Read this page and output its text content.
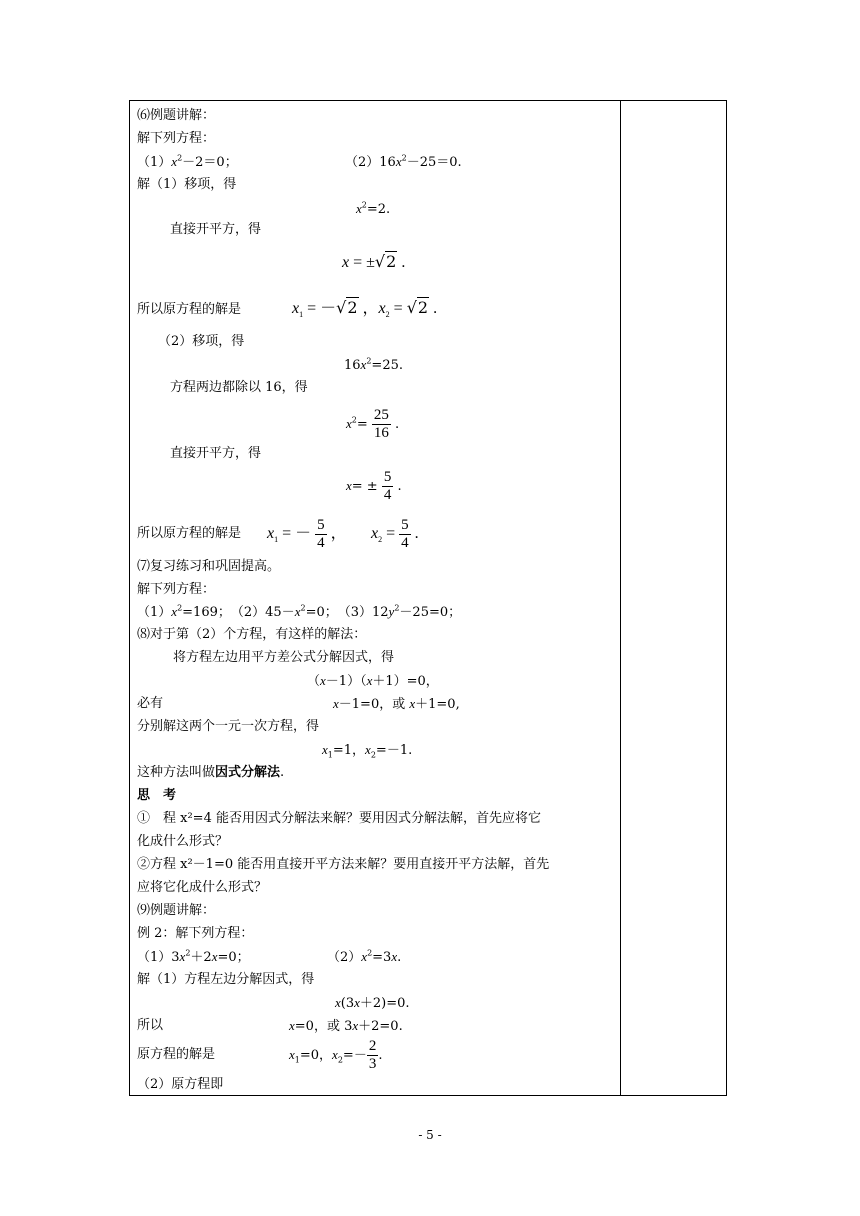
⑹例题讲解：
解下列方程：
$(1)x^2-2=0$；	$(2)16x^2-25=0$.
解（1）移项，得
$x^2=2$.
直接开平方，得
x = ±√2 .
所以原方程的解是	$x_1 = -√2$ ，$x_2 = √2$ .
（2）移项，得
$16x^2=25$.
方程两边都除以 16，得
$x^2= \frac{25}{16}$ .
直接开平方，得
$x= \pm \frac{5}{4}$ .
所以原方程的解是 $x_1$ = － $\frac{5}{4}$ ， $x_2 = \frac{5}{4}$ .
⑺复习练习和巩固提高。
解下列方程：
$(1)x^2=169$；　$(2)45-x^2=0$；　$(3)12y^2-25=0$；
⑻对于第（2）个方程，有这样的解法：
将方程左边用平方差公式分解因式，得
（x－1）（x＋1）=0，
必有	x－1=0，或 x＋1=0,
分别解这两个一元一次方程，得
$x_1=1$，$x_2=-1$.
这种方法叫做因式分解法.
思　考
①　程 x²=4 能否用因式分解法来解？要用因式分解法解，首先应将它
化成什么形式？
②方程 x²－1=0 能否用直接开平方法来解？要用直接开平方法解，首先
应将它化成什么形式？
⑼例题讲解：
例 2：解下列方程：
$(1)3x^2+2x=0$；	$(2)x^2=3x$.
解（1）方程左边分解因式，得
x(3x＋2)=0.
所以	x=0，或 3x＋2=0.
原方程的解是	$x_1=0$，$x_2=- \frac{2}{3}$ .
（2）原方程即
- 5 -
